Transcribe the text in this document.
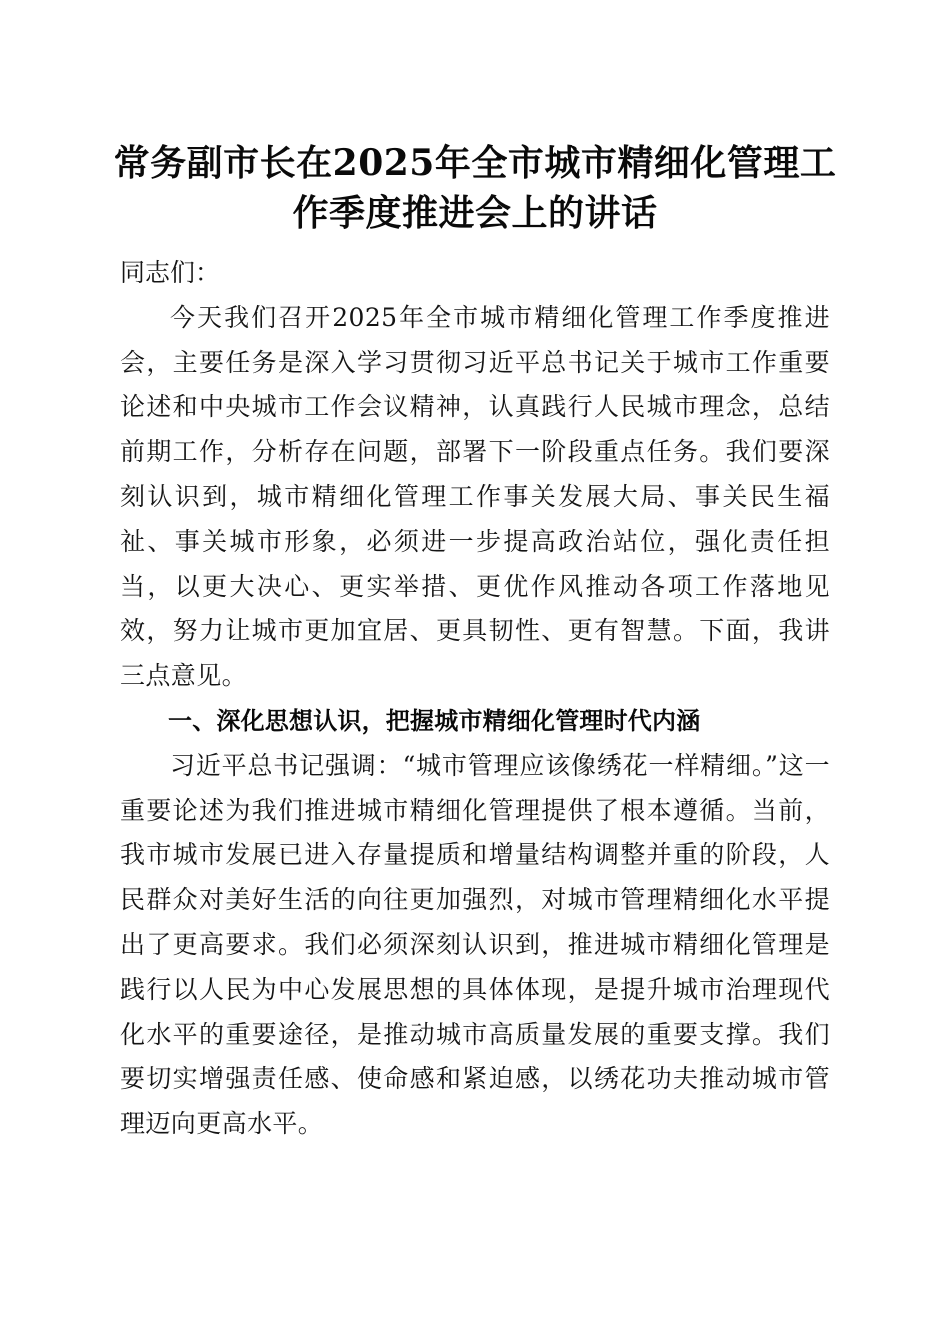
常务副市长在2025年全市城市精细化管理工
作季度推进会上的讲话

同志们：

今天我们召开2025年全市城市精细化管理工作季度推进会，主要任务是深入学习贯彻习近平总书记关于城市工作重要论述和中央城市工作会议精神，认真践行人民城市理念，总结前期工作，分析存在问题，部署下一阶段重点任务。我们要深刻认识到，城市精细化管理工作事关发展大局、事关民生福祉、事关城市形象，必须进一步提高政治站位，强化责任担当，以更大决心、更实举措、更优作风推动各项工作落地见效，努力让城市更加宜居、更具韧性、更有智慧。下面，我讲三点意见。

一、深化思想认识，把握城市精细化管理时代内涵

习近平总书记强调：“城市管理应该像绣花一样精细。”这一重要论述为我们推进城市精细化管理提供了根本遵循。当前，我市城市发展已进入存量提质和增量结构调整并重的阶段，人民群众对美好生活的向往更加强烈，对城市管理精细化水平提出了更高要求。我们必须深刻认识到，推进城市精细化管理是践行以人民为中心发展思想的具体体现，是提升城市治理现代化水平的重要途径，是推动城市高质量发展的重要支撑。我们要切实增强责任感、使命感和紧迫感，以绣花功夫推动城市管理迈向更高水平。
